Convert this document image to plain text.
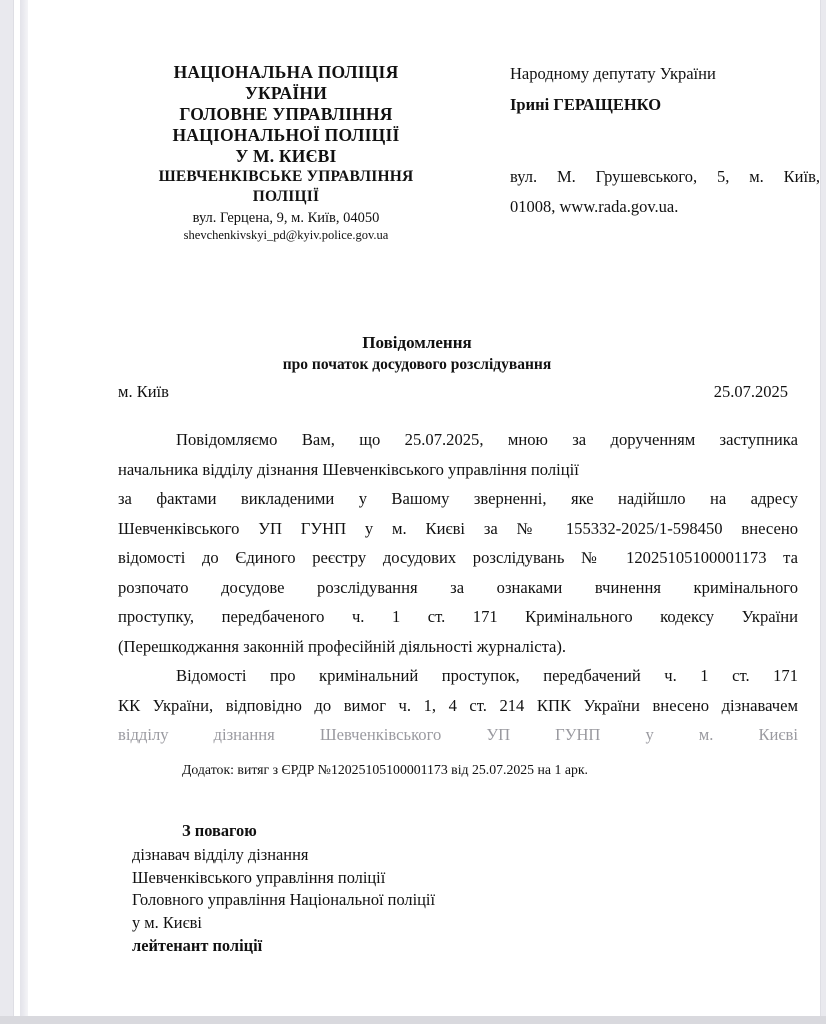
НАЦІОНАЛЬНА ПОЛІЦІЯ
УКРАЇНИ
ГОЛОВНЕ УПРАВЛІННЯ
НАЦІОНАЛЬНОЇ ПОЛІЦІЇ
У М. КИЄВІ
ШЕВЧЕНКІВСЬКЕ УПРАВЛІННЯ
ПОЛІЦІЇ
вул. Герцена, 9, м. Київ, 04050
shevchenkivskyi_pd@kyiv.police.gov.ua
Народному депутату України
Ірині ГЕРАЩЕНКО
вул. М. Грушевського, 5, м. Київ,
01008, www.rada.gov.ua.
Повідомлення
про початок досудового розслідування
м. Київ	25.07.2025

Повідомляємо Вам, що 25.07.2025, мною за дорученням заступника
начальника відділу дізнання Шевченківського управління поліції
за фактами викладеними у Вашому зверненні, яке надійшло на адресу
Шевченківського УП ГУНП у м. Києві за № 155332-2025/1-598450 внесено
відомості до Єдиного реєстру досудових розслідувань № 12025105100001173 та
розпочато досудове розслідування за ознаками вчинення кримінального
проступку, передбаченого ч. 1 ст. 171 Кримінального кодексу України
(Перешкоджання законній професійній діяльності журналіста).

Відомості про кримінальний проступок, передбачений ч. 1 ст. 171
КК України, відповідно до вимог ч. 1, 4 ст. 214 КПК України внесено дізнавачем
відділу дізнання Шевченківського УП ГУНП у м. Києві

Додаток: витяг з ЄРДР №12025105100001173 від 25.07.2025 на 1 арк.
З повагою
дізнавач відділу дізнання
Шевченківського управління поліції
Головного управління Національної поліції
у м. Києві
лейтенант поліції
